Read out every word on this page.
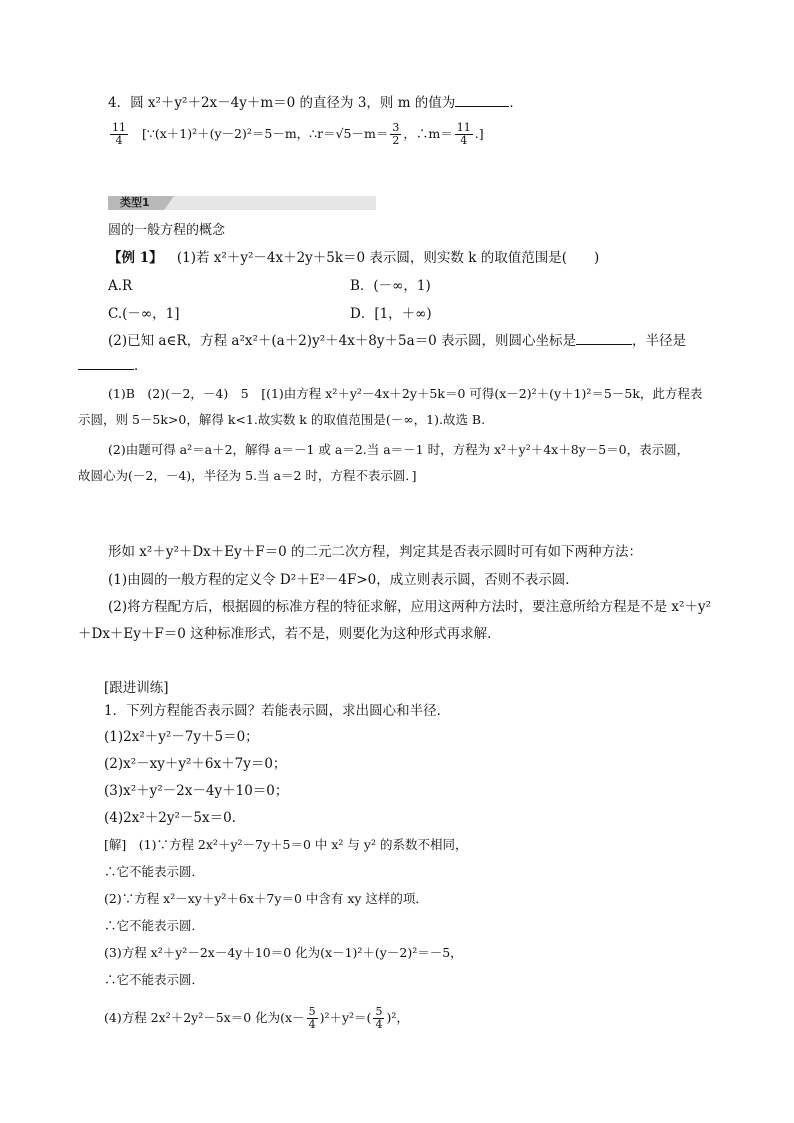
4．圆 x²＋y²＋2x－4y＋m＝0 的直径为 3，则 m 的值为	．
$\frac{11}{4}$ [∵(x＋1)²＋(y－2)²＝5－m，∴r＝√5－m＝ $\frac{3}{2}$ ，∴m＝ $\frac{11}{4}$ .]
类型1
圆的一般方程的概念
【例 1】 (1)若 x²＋y²－4x＋2y＋5k＝0 表示圆，则实数 k 的取值范围是(　　)
A.R	B．(－∞，1)
C.(－∞，1]	D．[1，＋∞)
(2)已知 a∈R，方程 a²x²＋(a＋2)y²＋4x＋8y＋5a＝0 表示圆，则圆心坐标是	，半径是
．
(1)B　(2)(－2，－4)　5　[(1)由方程 x²＋y²－4x＋2y＋5k＝0 可得(x－2)²＋(y＋1)²＝5－5k，此方程表
示圆，则 5－5k>0，解得 k<1.故实数 k 的取值范围是(－∞，1).故选 B.
(2)由题可得 a²＝a＋2，解得 a＝－1 或 a＝2.当 a＝－1 时，方程为 x²＋y²＋4x＋8y－5＝0，表示圆，
故圆心为(－2，－4)，半径为 5.当 a＝2 时，方程不表示圆．]
形如 x²＋y²＋Dx＋Ey＋F＝0 的二元二次方程，判定其是否表示圆时可有如下两种方法：
(1)由圆的一般方程的定义令 D²＋E²－4F>0，成立则表示圆，否则不表示圆．
(2)将方程配方后，根据圆的标准方程的特征求解，应用这两种方法时，要注意所给方程是不是 x²＋y²
＋Dx＋Ey＋F＝0 这种标准形式，若不是，则要化为这种形式再求解．
[跟进训练]
1．下列方程能否表示圆？若能表示圆，求出圆心和半径．
(1)2x²＋y²－7y＋5＝0；
(2)x²－xy＋y²＋6x＋7y＝0；
(3)x²＋y²－2x－4y＋10＝0；
(4)2x²＋2y²－5x＝0.
[解]　(1)∵方程 2x²＋y²－7y＋5＝0 中 x² 与 y² 的系数不相同，
∴它不能表示圆．
(2)∵方程 x²－xy＋y²＋6x＋7y＝0 中含有 xy 这样的项．
∴它不能表示圆．
(3)方程 x²＋y²－2x－4y＋10＝0 化为(x－1)²＋(y－2)²＝－5，
∴它不能表示圆．
(4)方程 2x²＋2y²－5x＝0 化为$(x- \frac{5}{4} )^2+y^2=( \frac{5}{4} )^2$，
